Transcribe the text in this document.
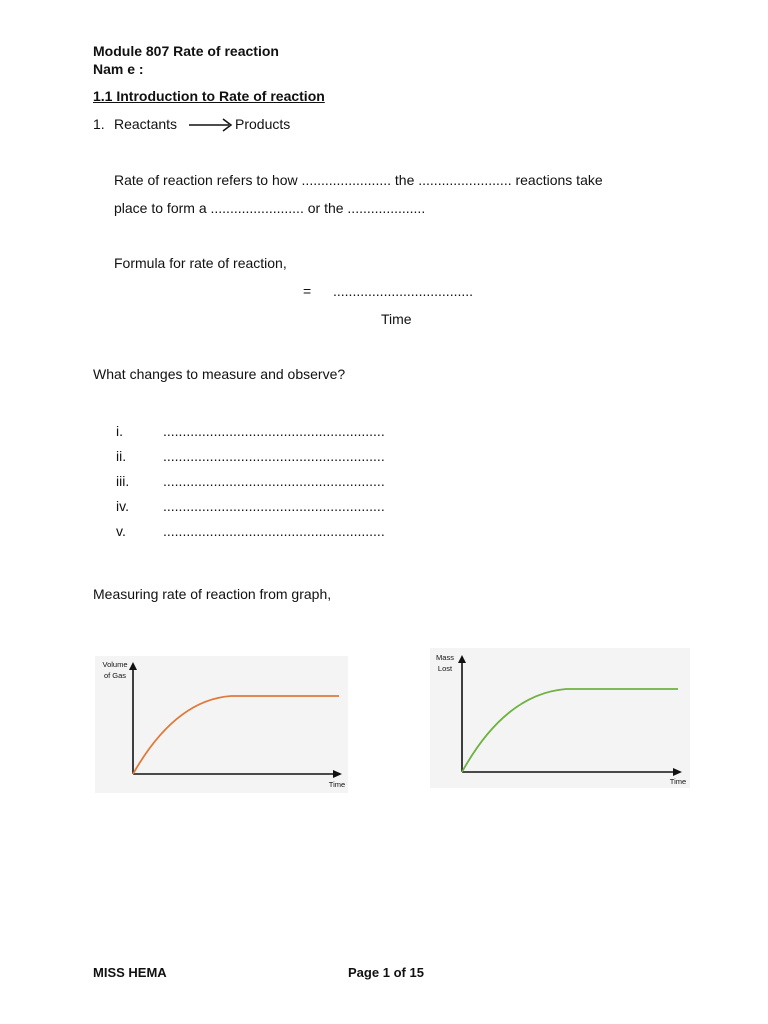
Module 807 Rate of reaction
Nam e :
1.1 Introduction to Rate of reaction
1. Reactants →
Products
Rate of reaction refers to how ....................... the ........................ reactions take
place to form a ........................ or the ....................
Formula for rate of reaction,
= ....................................
Time
What changes to measure and observe?
i.	.........................................................
ii.	.........................................................
iii. .........................................................
iv. .........................................................
v.	.........................................................
Measuring rate of reaction from graph,
Volume
of Gas
Time
Mass
Lost
Time
MISS HEMA	Page 1 of 15
